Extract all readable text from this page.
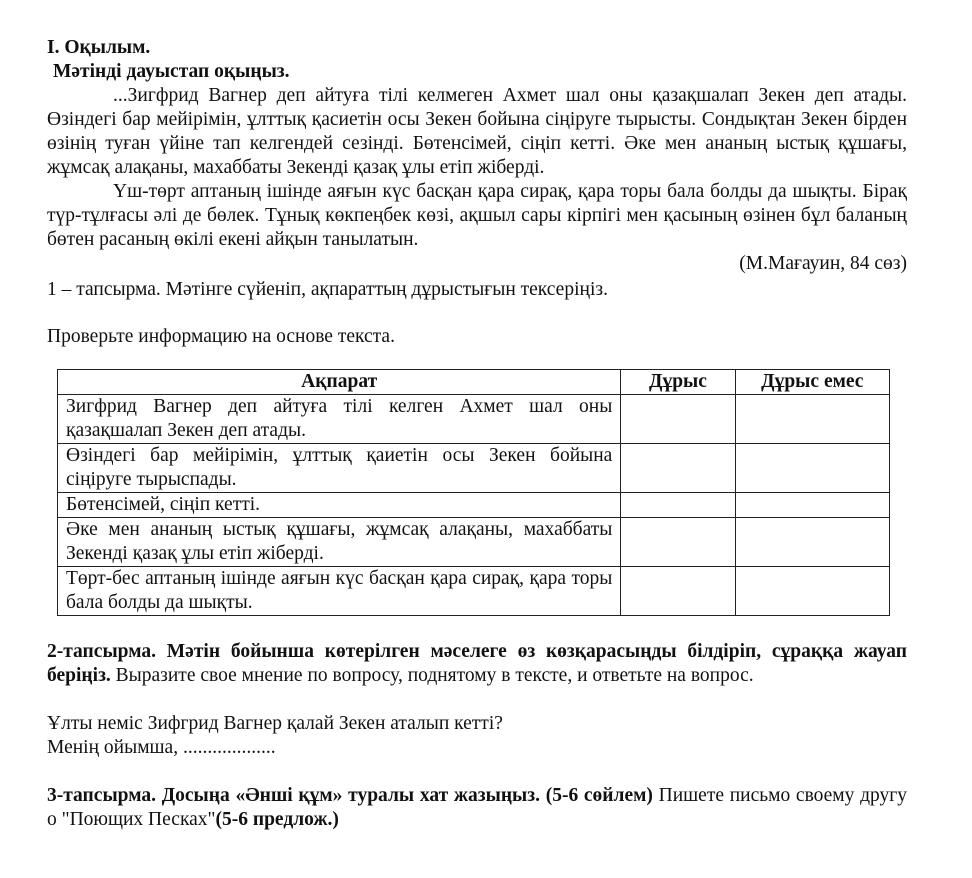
I. Оқылым.

Мәтінді дауыстап оқыңыз.

...Зигфрид Вагнер деп айтуға тілі келмеген Ахмет шал оны қазақшалап Зекен деп атады. Өзіндегі бар мейірімін, ұлттық қасиетін осы Зекен бойына сіңіруге тырысты. Сондықтан Зекен бірден өзінің туған үйіне тап келгендей сезінді. Бөтенсімей, сіңіп кетті. Әке мен ананың ыстық құшағы, жұмсақ алақаны, махаббаты Зекенді қазақ ұлы етіп жіберді.

Үш-төрт аптаның ішінде аяғын күс басқан қара сирақ, қара торы бала болды да шықты. Бірақ түр-тұлғасы әлі де бөлек. Тұнық көкпеңбек көзі, ақшыл сары кірпігі мен қасының өзінен бұл баланың бөтен расаның өкілі екені айқын танылатын.

(М.Мағауин, 84 сөз)

1 – тапсырма. Мәтінге сүйеніп, ақпараттың дұрыстығын тексеріңіз.

Проверьте информацию на основе текста.

Ақпарат	Дұрыс	Дұрыс емес
Зигфрид Вагнер деп айтуға тілі келген Ахмет шал оны қазақшалап Зекен деп атады.		
Өзіндегі бар мейірімін, ұлттық қаиетін осы Зекен бойына сіңіруге тырыспады.		
Бөтенсімей, сіңіп кетті.		
Әке мен ананың ыстық құшағы, жұмсақ алақаны, махаббаты Зекенді қазақ ұлы етіп жіберді.		
Төрт-бес аптаның ішінде аяғын күс басқан қара сирақ, қара торы бала болды да шықты.		

2-тапсырма. Мәтін бойынша көтерілген мәселеге өз көзқарасыңды білдіріп, сұраққа жауап беріңіз. Выразите свое мнение по вопросу, поднятому в тексте, и ответьте на вопрос.

Ұлты неміс Зифгрид Вагнер қалай Зекен аталып кетті?

Менің ойымша, ...................

3-тапсырма. Досыңа «Әнші құм» туралы хат жазыңыз. (5-6 сөйлем) Пишете письмо своему другу о "Поющих Песках"(5-6 предлож.)
